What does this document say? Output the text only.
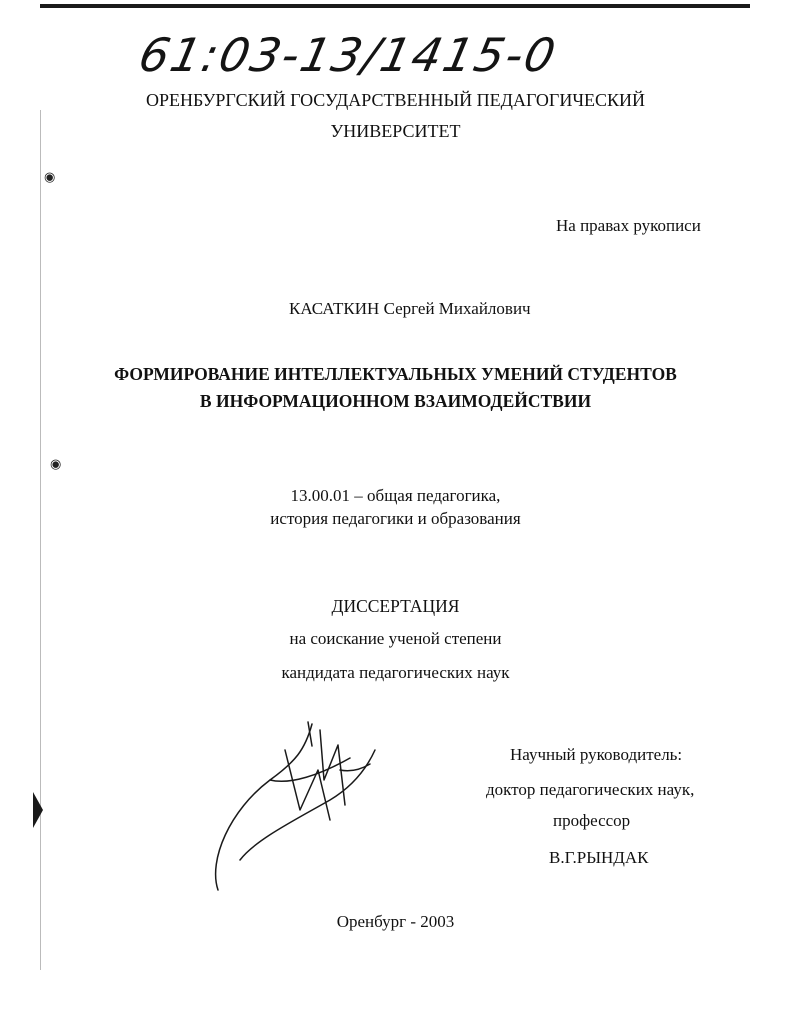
61:03-13/1415-0
ОРЕНБУРГСКИЙ ГОСУДАРСТВЕННЫЙ ПЕДАГОГИЧЕСКИЙ
УНИВЕРСИТЕТ
◉
На правах рукописи
КАСАТКИН Сергей Михайлович
ФОРМИРОВАНИЕ ИНТЕЛЛЕКТУАЛЬНЫХ УМЕНИЙ СТУДЕНТОВ
В ИНФОРМАЦИОННОМ ВЗАИМОДЕЙСТВИИ
◉
13.00.01 – общая педагогика,
история педагогики и образования
ДИССЕРТАЦИЯ
на соискание ученой степени
кандидата педагогических наук
Научный руководитель:
доктор педагогических наук,
профессор
В.Г.РЫНДАК
Оренбург - 2003
